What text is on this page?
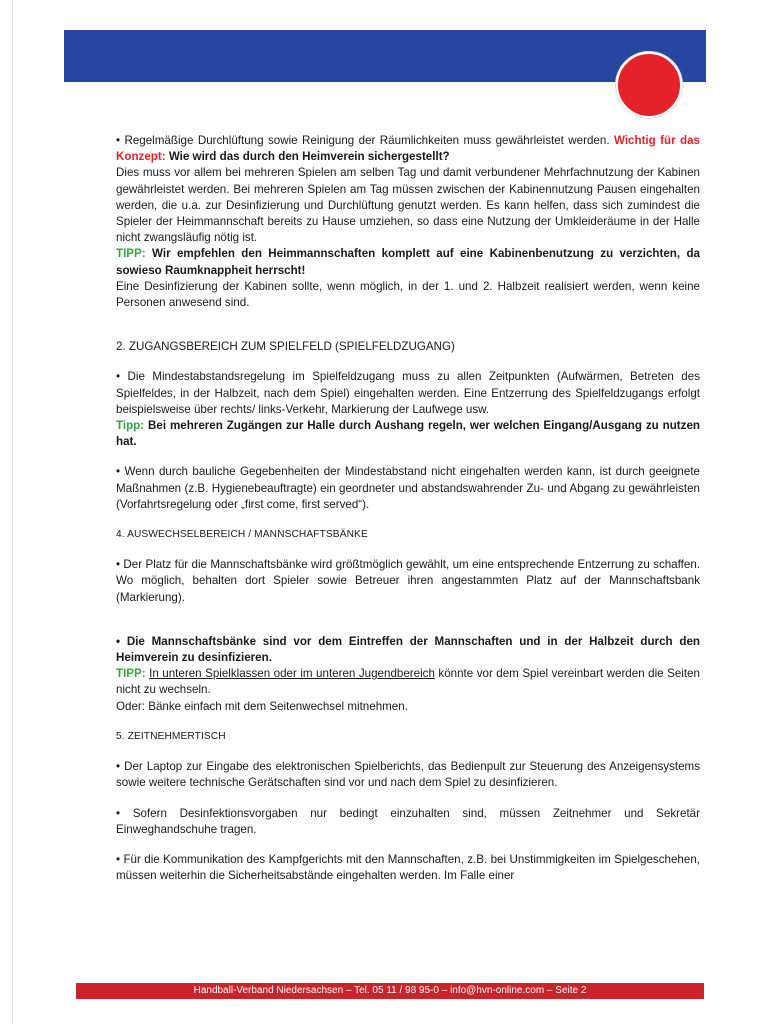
• Regelmäßige Durchlüftung sowie Reinigung der Räumlichkeiten muss gewährleistet werden. Wichtig für das Konzept: Wie wird das durch den Heimverein sichergestellt?

Dies muss vor allem bei mehreren Spielen am selben Tag und damit verbundener Mehrfachnutzung der Kabinen gewährleistet werden. Bei mehreren Spielen am Tag müssen zwischen der Kabinennutzung Pausen eingehalten werden, die u.a. zur Desinfizierung und Durchlüftung genutzt werden. Es kann helfen, dass sich zumindest die Spieler der Heimmannschaft bereits zu Hause umziehen, so dass eine Nutzung der Umkleideräume in der Halle nicht zwangsläufig nötig ist.

TIPP: Wir empfehlen den Heimmannschaften komplett auf eine Kabinenbenutzung zu verzichten, da sowieso Raumknappheit herrscht!

Eine Desinfizierung der Kabinen sollte, wenn möglich, in der 1. und 2. Halbzeit realisiert werden, wenn keine Personen anwesend sind.

2. ZUGANGSBEREICH ZUM SPIELFELD (SPIELFELDZUGANG)

• Die Mindestabstandsregelung im Spielfeldzugang muss zu allen Zeitpunkten (Aufwärmen, Betreten des Spielfeldes, in der Halbzeit, nach dem Spiel) eingehalten werden. Eine Entzerrung des Spielfeldzugangs erfolgt beispielsweise über rechts/ links-Verkehr, Markierung der Laufwege usw.

Tipp: Bei mehreren Zugängen zur Halle durch Aushang regeln, wer welchen Eingang/Ausgang zu nutzen hat.

• Wenn durch bauliche Gegebenheiten der Mindestabstand nicht eingehalten werden kann, ist durch geeignete Maßnahmen (z.B. Hygienebeauftragte) ein geordneter und abstandswahrender Zu- und Abgang zu gewährleisten (Vorfahrtsregelung oder „first come, first served“).

4. AUSWECHSELBEREICH / MANNSCHAFTSBÄNKE

• Der Platz für die Mannschaftsbänke wird größtmöglich gewählt, um eine entsprechende Entzerrung zu schaffen. Wo möglich, behalten dort Spieler sowie Betreuer ihren angestammten Platz auf der Mannschaftsbank (Markierung).

• Die Mannschaftsbänke sind vor dem Eintreffen der Mannschaften und in der Halbzeit durch den Heimverein zu desinfizieren.

TIPP: In unteren Spielklassen oder im unteren Jugendbereich könnte vor dem Spiel vereinbart werden die Seiten nicht zu wechseln.

Oder: Bänke einfach mit dem Seitenwechsel mitnehmen.

5. ZEITNEHMERTISCH

• Der Laptop zur Eingabe des elektronischen Spielberichts, das Bedienpult zur Steuerung des Anzeigensystems sowie weitere technische Gerätschaften sind vor und nach dem Spiel zu desinfizieren.

• Sofern Desinfektionsvorgaben nur bedingt einzuhalten sind, müssen Zeitnehmer und Sekretär Einweghandschuhe tragen.

• Für die Kommunikation des Kampfgerichts mit den Mannschaften, z.B. bei Unstimmigkeiten im Spielgeschehen, müssen weiterhin die Sicherheitsabstände eingehalten werden. Im Falle einer

Handball-Verband Niedersachsen – Tel. 05 11 / 98 95-0 – info@hvn-online.com – Seite 2
